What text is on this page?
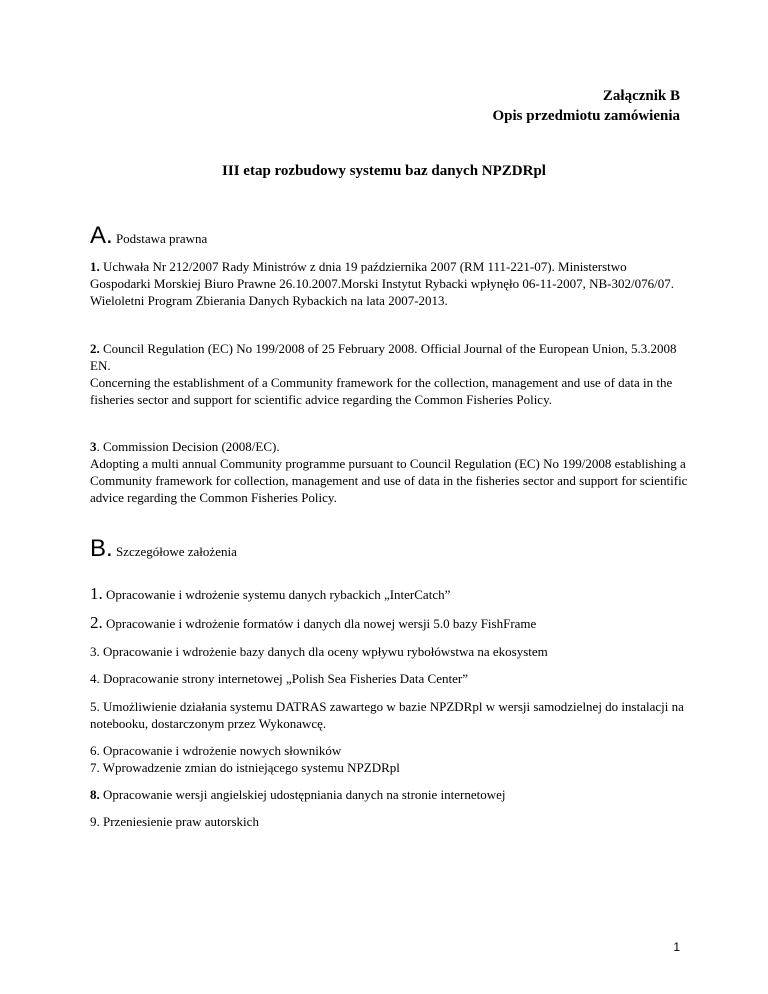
Załącznik B
Opis przedmiotu zamówienia
III etap rozbudowy systemu baz danych NPZDRpl
A. Podstawa prawna
1. Uchwała Nr 212/2007 Rady Ministrów z dnia 19 października 2007 (RM 111-221-07). Ministerstwo Gospodarki Morskiej Biuro Prawne 26.10.2007.Morski Instytut Rybacki wpłynęło 06-11-2007, NB-302/076/07. Wieloletni Program Zbierania Danych Rybackich na lata 2007-2013.
2. Council Regulation (EC) No 199/2008 of 25 February 2008. Official Journal of the European Union, 5.3.2008 EN.
Concerning the establishment of a Community framework for the collection, management and use of data in the fisheries sector and support for scientific advice regarding the Common Fisheries Policy.
3. Commission Decision (2008/EC).
Adopting a multi annual Community programme pursuant to Council Regulation (EC) No 199/2008 establishing a Community framework for collection, management and use of data in the fisheries sector and support for scientific advice regarding the Common Fisheries Policy.
B. Szczegółowe założenia
1. Opracowanie i wdrożenie systemu danych rybackich „InterCatch”
2. Opracowanie i wdrożenie formatów i danych dla nowej wersji 5.0 bazy FishFrame
3. Opracowanie i wdrożenie bazy danych dla oceny wpływu rybołówstwa na ekosystem
4. Dopracowanie strony internetowej „Polish Sea Fisheries Data Center”
5. Umożliwienie działania systemu DATRAS zawartego w bazie NPZDRpl w wersji samodzielnej do instalacji na notebooku, dostarczonym przez Wykonawcę.
6. Opracowanie i wdrożenie nowych słowników
7. Wprowadzenie zmian do istniejącego systemu NPZDRpl
8. Opracowanie wersji angielskiej udostępniania danych na stronie internetowej
9. Przeniesienie praw autorskich
1
